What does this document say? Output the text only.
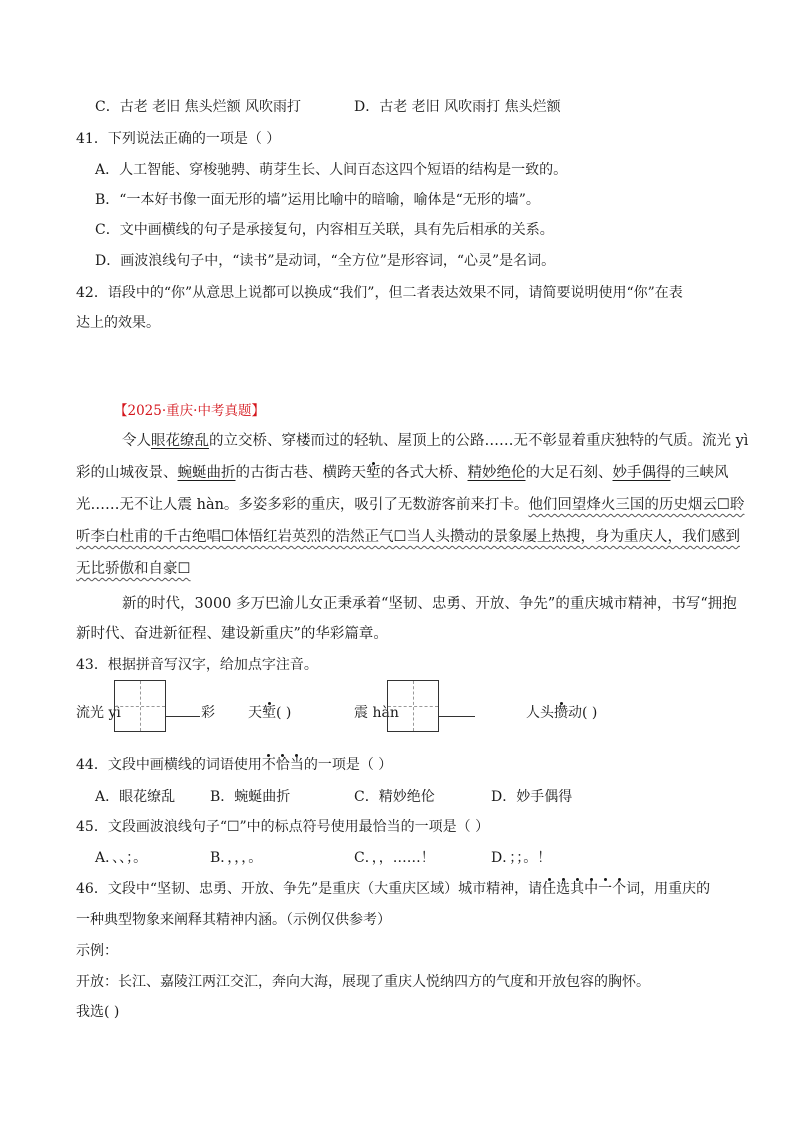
C．古老 老旧 焦头烂额 风吹雨打	D．古老 老旧 风吹雨打 焦头烂额
41．下列说法正确的一项是（ ）
A．人工智能、穿梭驰骋、萌芽生长、人间百态这四个短语的结构是一致的。
B．“一本好书像一面无形的墙”运用比喻中的暗喻，喻体是“无形的墙”。
C．文中画横线的句子是承接复句，内容相互关联，具有先后相承的关系。
D．画波浪线句子中，“读书”是动词，“全方位”是形容词，“心灵”是名词。
42．语段中的“你”从意思上说都可以换成“我们”，但二者表达效果不同，请简要说明使用“你”在表
达上的效果。
【2025·重庆·中考真题】
令人眼花缭乱的立交桥、穿楼而过的轻轨、屋顶上的公路……无不彰显着重庆独特的气质。流光 yì
彩的山城夜景、蜿蜒曲折的古街古巷、横跨天堑的各式大桥、精妙绝伦的大足石刻、妙手偶得的三峡风
光……无不让人震 hàn。多姿多彩的重庆，吸引了无数游客前来打卡。他们回望烽火三国的历史烟云☐聆
听李白杜甫的千古绝唱☐体悟红岩英烈的浩然正气☐当人头攒动的景象屡上热搜，身为重庆人，我们感到
无比骄傲和自豪☐
新的时代，3000 多万巴渝儿女正秉承着“坚韧、忠勇、开放、争先”的重庆城市精神，书写“拥抱
新时代、奋进新征程、建设新重庆”的华彩篇章。
43．根据拼音写汉字，给加点字注音。
流光 yì	彩 天堑( )	震 hàn	人头攒动( )
44．文段中画横线的词语使用不恰当的一项是（ ）
A．眼花缭乱 B．蜿蜒曲折	C．精妙绝伦	D．妙手偶得
45．文段画波浪线句子“☐”中的标点符号使用最恰当的一项是（ ）
A．、、；。	B．，，，。	C．，，……！	D．；；。！
46．文段中“坚韧、忠勇、开放、争先”是重庆（大重庆区域）城市精神，请任选其中一个词，用重庆的
一种典型物象来阐释其精神内涵。（示例仅供参考）
示例：
开放：长江、嘉陵江两江交汇，奔向大海，展现了重庆人悦纳四方的气度和开放包容的胸怀。
我选( )
